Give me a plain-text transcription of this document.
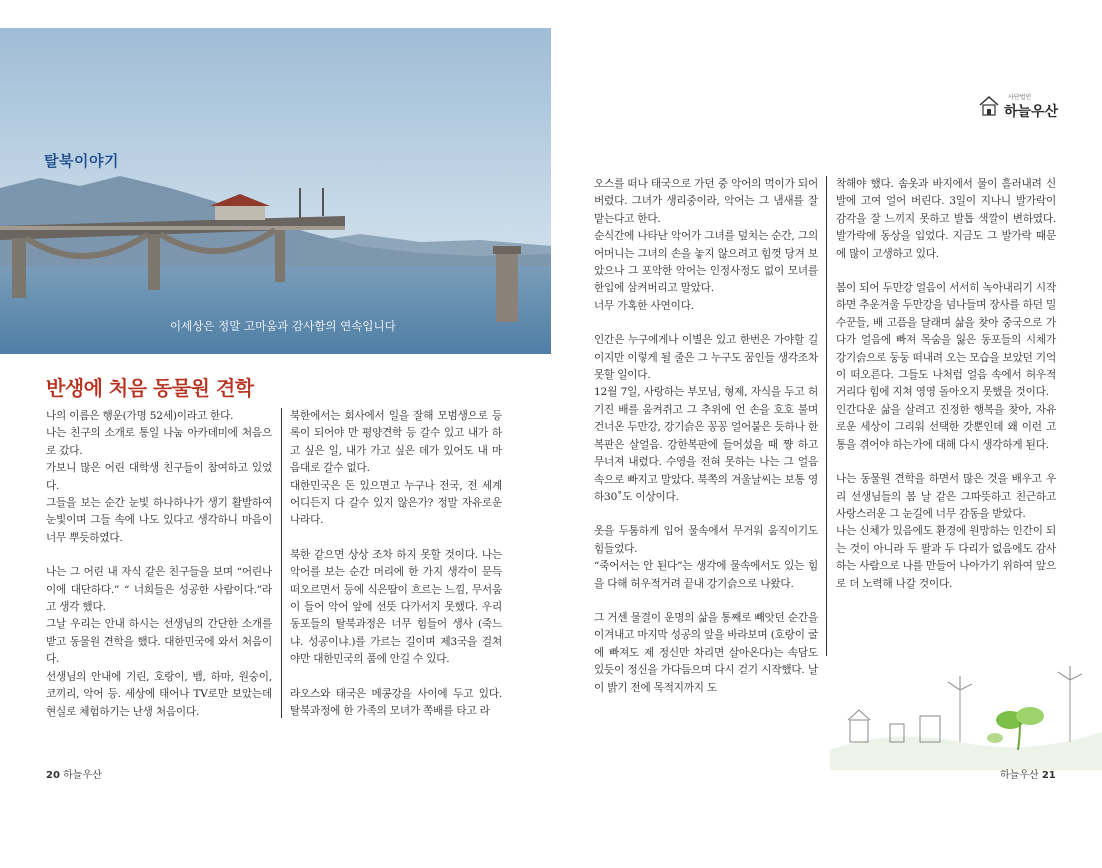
탈북이야기
이세상은 정말 고마움과 감사함의 연속입니다
반생에 처음 동물원 견학

나의 이름은 행운(가명 52세)이라고 한다.

나는 친구의 소개로 통일 나눔 아카데미에 처음으로 갔다.

가보니 많은 어린 대학생 친구들이 참여하고 있었다.

그들을 보는 순간 눈빛 하나하나가 생기 활발하여 눈빛이며 그들 속에 나도 있다고 생각하니 마음이 너무 뿌듯하였다.

나는 그 어린 내 자식 같은 친구들을 보며 “어린나이에 대단하다.” “ 너희들은 성공한 사람이다.”라고 생각 했다.

그날 우리는 안내 하시는 선생님의 간단한 소개를 받고 동물원 견학을 했다. 대한민국에 와서 처음이다.

선생님의 안내에 기린, 호랑이, 뱀, 하마, 원숭이, 코끼리, 악어 등. 세상에 태어나 TV로만 보았는데 현실로 체험하기는 난생 처음이다.

북한에서는 회사에서 일을 잘해 모범생으로 등록이 되어야 만 평양견학 등 갈수 있고 내가 하고 싶은 일, 내가 가고 싶은 데가 있어도 내 마음대로 갈수 없다.

대한민국은 돈 있으면고 누구나 전국, 전 세계 어디든지 다 갈수 있지 않은가? 정말 자유로운 나라다.

북한 같으면 상상 조차 하지 못할 것이다. 나는 악어를 보는 순간 머리에 한 가지 생각이 문득 떠오르면서 등에 식은땀이 흐르는 느낌, 무서움이 들어 악어 앞에 선뜻 다가서지 못했다. 우리 동포들의 탈북과정은 너무 힘들어 생사 (죽느냐. 성공이냐.)를 가르는 길이며 제3국을 걸쳐야만 대한민국의 품에 안길 수 있다.

라오스와 태국은 메콩강을 사이에 두고 있다. 탈북과정에 한 가족의 모녀가 쪽배를 타고 라

20 하늘우산
사단법인
하늘우산

오스를 떠나 태국으로 가던 중 악어의 먹이가 되어 버렸다. 그녀가 생리중이라, 악어는 그 냄새를 잘 맡는다고 한다.

순식간에 나타난 악어가 그녀를 덮치는 순간, 그의 어머니는 그녀의 손을 놓지 않으려고 힘껏 당겨 보았으나 그 포악한 악어는 인정사정도 없이 모녀를 한입에 삼켜버리고 말았다.

너무 가혹한 사연이다.

인간은 누구에게나 이별은 있고 한번은 가야할 길이지만 이렇게 될 줄은 그 누구도 꿈인들 생각조차 못할 일이다.

12월 7일, 사랑하는 부모님, 형제, 자식을 두고 허기진 배를 움켜쥐고 그 추위에 언 손을 호호 불며 건너온 두만강, 강기슭은 꽁꽁 얼어붙은 듯하나 한복판은 살얼음. 강한복판에 들어섰을 때 쨩 하고 무너져 내렸다. 수영을 전혀 못하는 나는 그 얼음 속으로 빠지고 말았다. 북쪽의 겨울날씨는 보통 영하30˚도 이상이다.

옷을 두툼하게 입어 물속에서 무거워 움직이기도 힘들었다.

“죽어서는 안 된다”는 생각에 물속에서도 있는 힘을 다해 허우적거려 끝내 강기슭으로 나왔다.

그 거센 물결이 운명의 삶을 통째로 빼앗던 순간을 이겨내고 마지막 성공의 앞을 바라보며 (호랑이 굴에 빠져도 제 정신만 차리면 살아온다)는 속담도 있듯이 정신을 가다듬으며 다시 걷기 시작했다. 날이 밝기 전에 목적지까지 도

착해야 했다. 솜옷과 바지에서 물이 흘러내려 신발에 고여 얼어 버린다. 3일이 지나니 발가락이 감각을 잘 느끼지 못하고 발톱 색깔이 변하였다. 발가락에 동상을 입었다. 지금도 그 발가락 때문에 많이 고생하고 있다.

봄이 되어 두만강 얼음이 서서히 녹아내리기 시작하면 추운겨울 두만강을 넘나들며 장사를 하던 밀수꾼들, 배 고픔을 달래며 삶을 찾아 중국으로 가다가 얼음에 빠져 목숨을 잃은 동포들의 시체가 강기슭으로 둥둥 떠내려 오는 모습을 보았던 기억이 떠오른다. 그들도 나처럼 얼음 속에서 허우적거리다 힘에 지쳐 영영 돌아오지 못했을 것이다.

인간다운 삶을 살려고 진정한 행복을 찾아, 자유로운 세상이 그리워 선택한 갓뿐인데 왜 이런 고통을 겪어야 하는가에 대해 다시 생각하게 된다.

나는 동물원 견학을 하면서 많은 것을 배우고 우리 선생님들의 봄 날 같은 그따뜻하고 친근하고 사랑스러운 그 눈길에 너무 감동을 받았다.

나는 신체가 있음에도 환경에 원망하는 인간이 되는 것이 아니라 두 팔과 두 다리가 없음에도 감사하는 사람으로 나를 만들어 나아가기 위하여 앞으로 더 노력해 나갈 것이다.

하늘우산 21
